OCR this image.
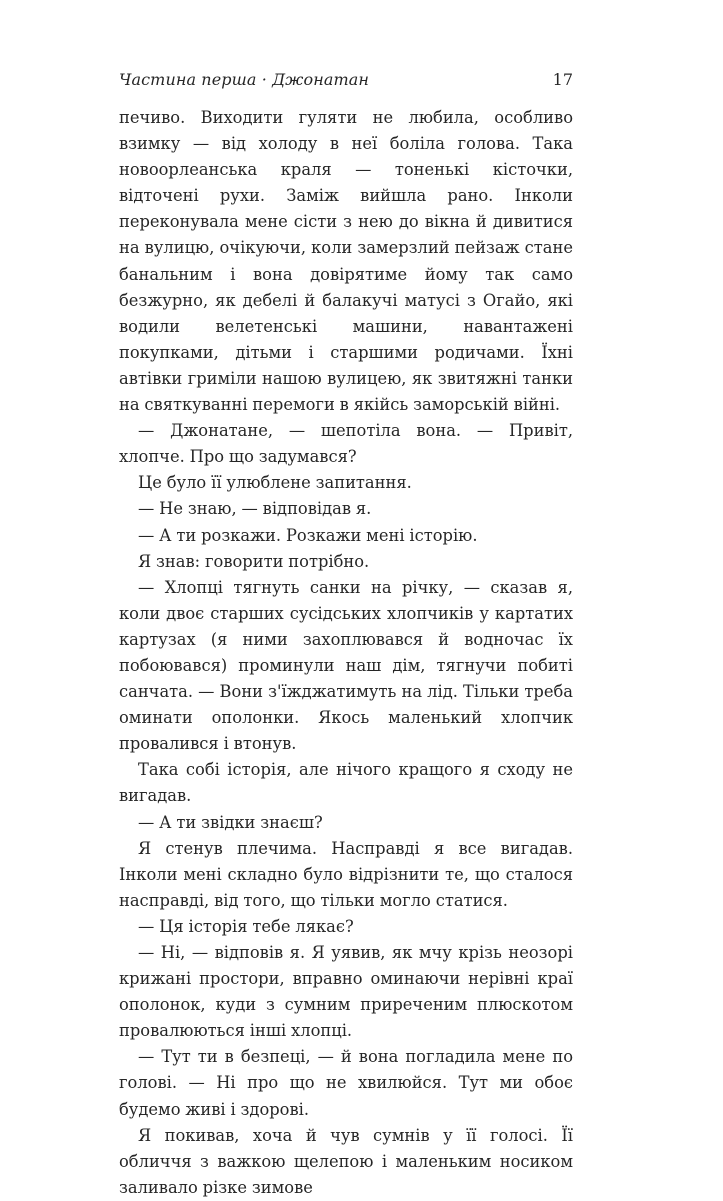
Частина перша · Джонатан	17

печиво. Виходити гуляти не любила, особливо взимку — від холоду в неї боліла голова. Така новоорлеанська краля — тоненькі кісточки, відточені рухи. Заміж вийшла рано. Інколи переконувала мене сісти з нею до вікна й дивитися на вулицю, очікуючи, коли замерзлий пейзаж стане банальним і вона довірятиме йому так само безжурно, як дебелі й балакучі матусі з Огайо, які водили велетенські машини, навантажені покупками, дітьми і старшими родичами. Їхні автівки гриміли нашою вулицею, як звитяжні танки на святкуванні перемоги в якійсь заморській війні.

— Джонатане, — шепотіла вона. — Привіт, хлопче. Про що задумався?

Це було її улюблене запитання.

— Не знаю, — відповідав я.

— А ти розкажи. Розкажи мені історію.

Я знав: говорити потрібно.

— Хлопці тягнуть санки на річку, — сказав я, коли двоє старших сусідських хлопчиків у картатих картузах (я ними захоплювався й водночас їх побоювався) проминули наш дім, тягнучи побиті санчата. — Вони з'їжджатимуть на лід. Тільки треба оминати ополонки. Якось маленький хлопчик провалився і втонув.

Така собі історія, але нічого кращого я сходу не вигадав.

— А ти звідки знаєш?

Я стенув плечима. Насправді я все вигадав. Інколи мені складно було відрізнити те, що сталося насправді, від того, що тільки могло статися.

— Ця історія тебе лякає?

— Ні, — відповів я. Я уявив, як мчу крізь неозорі крижані простори, вправно оминаючи нерівні краї ополонок, куди з сумним приреченим плюскотом провалюються інші хлопці.

— Тут ти в безпеці, — й вона погладила мене по голові. — Ні про що не хвилюйся. Тут ми обоє будемо живі і здорові.

Я покивав, хоча й чув сумнів у її голосі. Її обличчя з важкою щелепою і маленьким носиком заливало різке зимове
